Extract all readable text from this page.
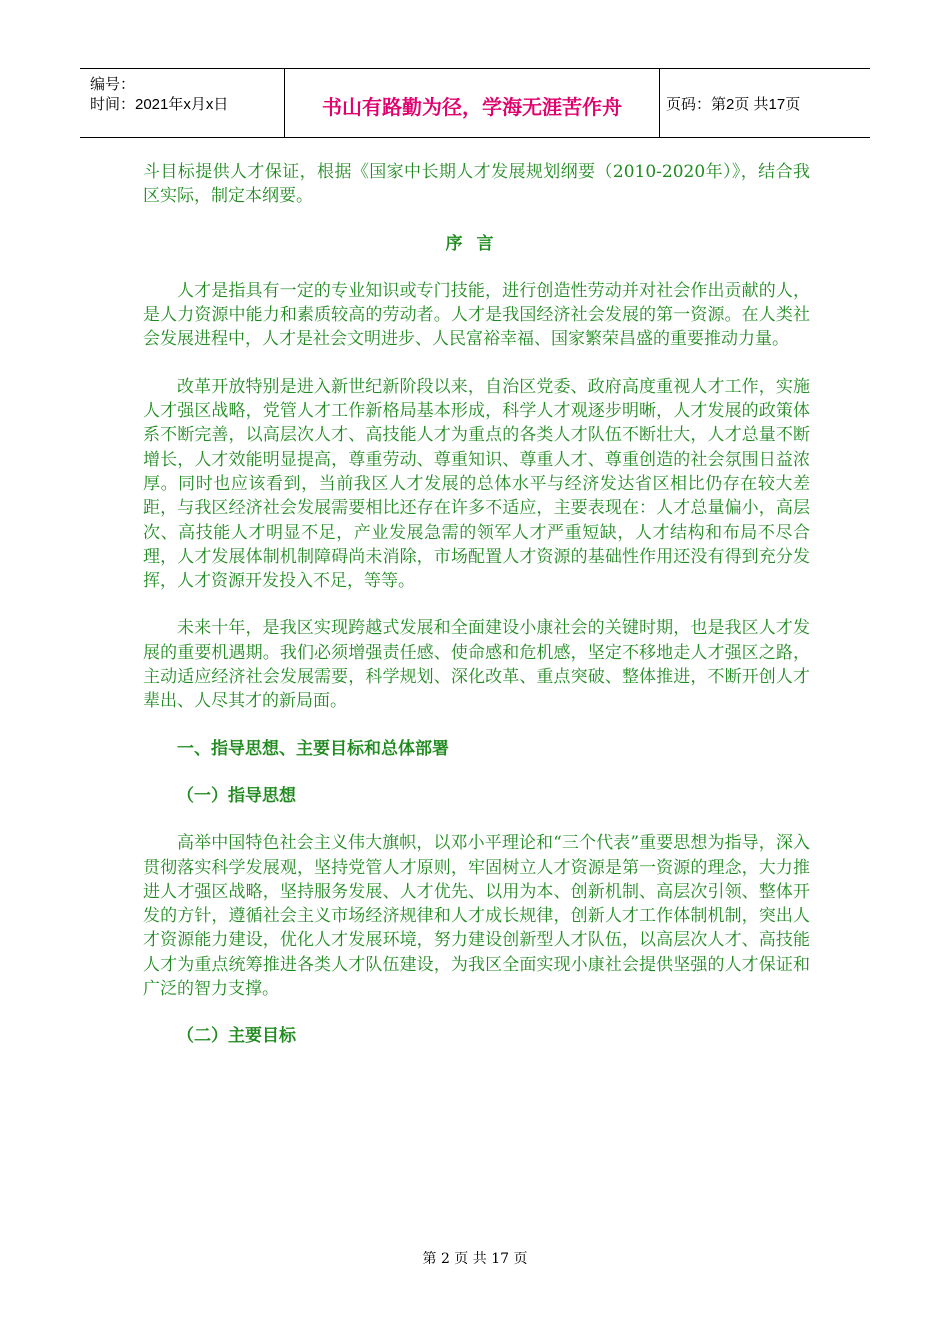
编号：
时间：2021年x月x日	书山有路勤为径，学海无涯苦作舟	页码：第2页 共17页

斗目标提供人才保证，根据《国家中长期人才发展规划纲要（2010-2020年）》，结合我区实际，制定本纲要。

序言

人才是指具有一定的专业知识或专门技能，进行创造性劳动并对社会作出贡献的人，是人力资源中能力和素质较高的劳动者。人才是我国经济社会发展的第一资源。在人类社会发展进程中，人才是社会文明进步、人民富裕幸福、国家繁荣昌盛的重要推动力量。

改革开放特别是进入新世纪新阶段以来，自治区党委、政府高度重视人才工作，实施人才强区战略，党管人才工作新格局基本形成，科学人才观逐步明晰，人才发展的政策体系不断完善，以高层次人才、高技能人才为重点的各类人才队伍不断壮大，人才总量不断增长，人才效能明显提高，尊重劳动、尊重知识、尊重人才、尊重创造的社会氛围日益浓厚。同时也应该看到，当前我区人才发展的总体水平与经济发达省区相比仍存在较大差距，与我区经济社会发展需要相比还存在许多不适应，主要表现在：人才总量偏小，高层次、高技能人才明显不足，产业发展急需的领军人才严重短缺，人才结构和布局不尽合理，人才发展体制机制障碍尚未消除，市场配置人才资源的基础性作用还没有得到充分发挥，人才资源开发投入不足，等等。

未来十年，是我区实现跨越式发展和全面建设小康社会的关键时期，也是我区人才发展的重要机遇期。我们必须增强责任感、使命感和危机感，坚定不移地走人才强区之路，主动适应经济社会发展需要，科学规划、深化改革、重点突破、整体推进，不断开创人才辈出、人尽其才的新局面。

一、指导思想、主要目标和总体部署

（一）指导思想

高举中国特色社会主义伟大旗帜，以邓小平理论和“三个代表”重要思想为指导，深入贯彻落实科学发展观，坚持党管人才原则，牢固树立人才资源是第一资源的理念，大力推进人才强区战略，坚持服务发展、人才优先、以用为本、创新机制、高层次引领、整体开发的方针，遵循社会主义市场经济规律和人才成长规律，创新人才工作体制机制，突出人才资源能力建设，优化人才发展环境，努力建设创新型人才队伍，以高层次人才、高技能人才为重点统筹推进各类人才队伍建设，为我区全面实现小康社会提供坚强的人才保证和广泛的智力支撑。

（二）主要目标

第 2 页 共 17 页
